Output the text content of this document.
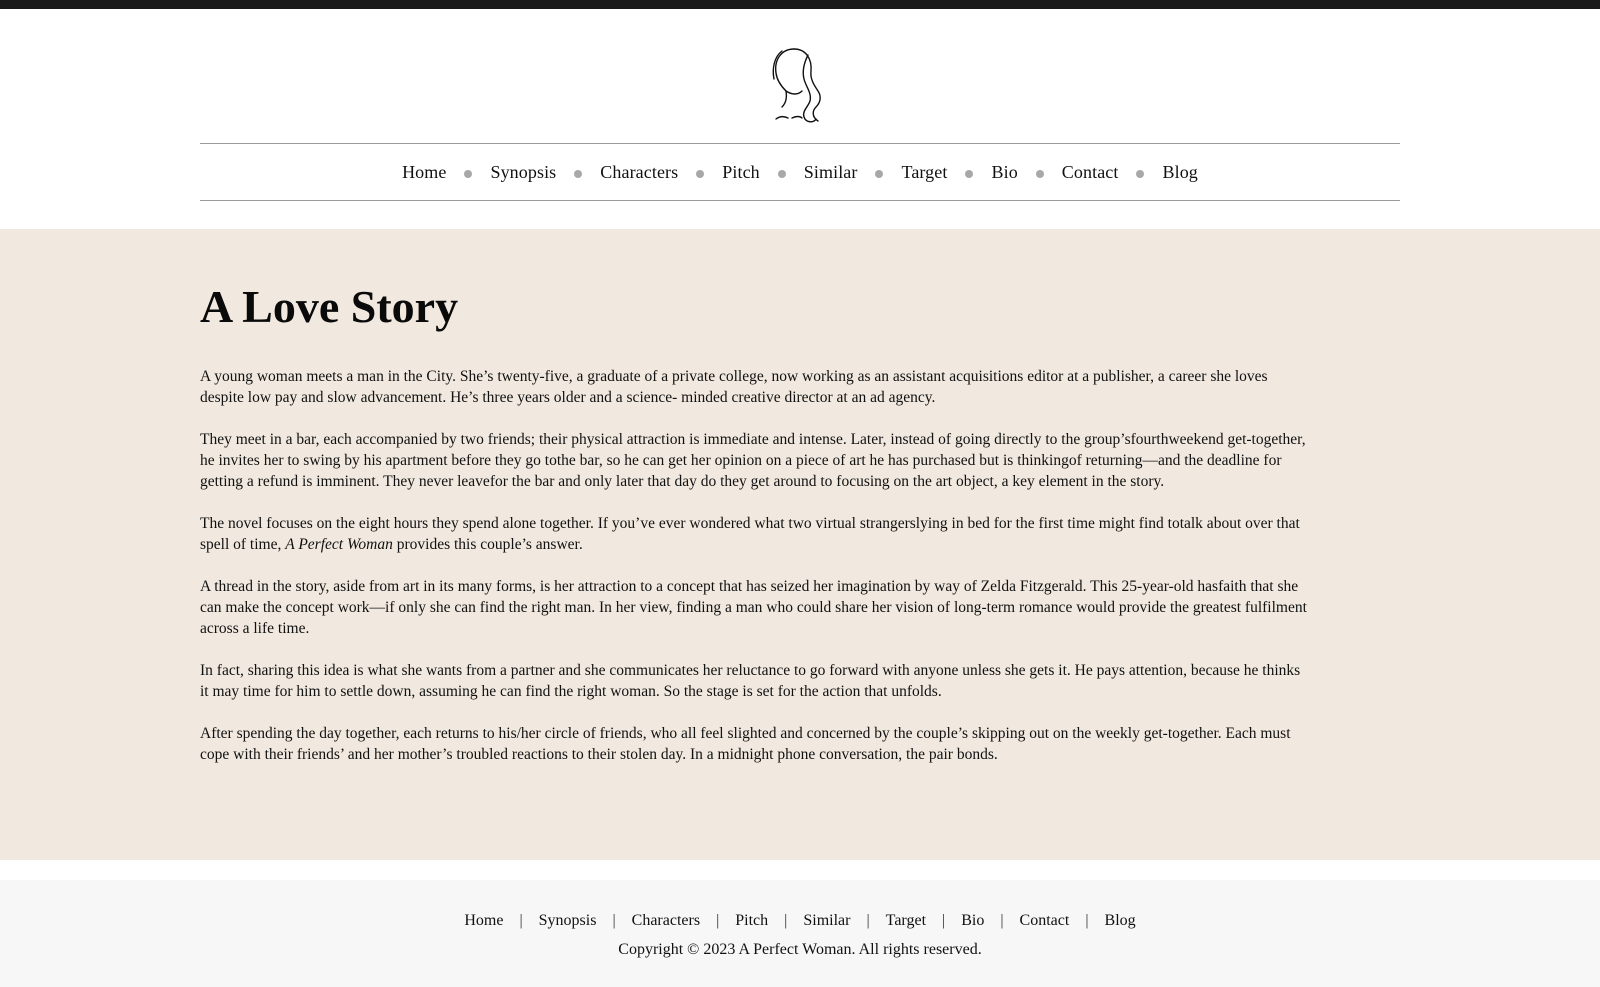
Home Synopsis Characters Pitch Similar Target Bio Contact Blog
A Love Story

A young woman meets a man in the City. She’s twenty-five, a graduate of a private college, now working as an assistant acquisitions editor at a publisher, a career she loves despite low pay and slow advancement. He’s three years older and a science- minded creative director at an ad agency.

They meet in a bar, each accompanied by two friends; their physical attraction is immediate and intense. Later, instead of going directly to the group’sfourthweekend get-together, he invites her to swing by his apartment before they go tothe bar, so he can get her opinion on a piece of art he has purchased but is thinkingof returning—and the deadline for getting a refund is imminent. They never leavefor the bar and only later that day do they get around to focusing on the art object, a key element in the story.

The novel focuses on the eight hours they spend alone together. If you’ve ever wondered what two virtual strangerslying in bed for the first time might find totalk about over that spell of time, A Perfect Woman provides this couple’s answer.

A thread in the story, aside from art in its many forms, is her attraction to a concept that has seized her imagination by way of Zelda Fitzgerald. This 25-year-old hasfaith that she can make the concept work—if only she can find the right man. In her view, finding a man who could share her vision of long-term romance would provide the greatest fulfilment across a life time.

In fact, sharing this idea is what she wants from a partner and she communicates her reluctance to go forward with anyone unless she gets it. He pays attention, because he thinks it may time for him to settle down, assuming he can find the right woman. So the stage is set for the action that unfolds.

After spending the day together, each returns to his/her circle of friends, who all feel slighted and concerned by the couple’s skipping out on the weekly get-together. Each must cope with their friends’ and her mother’s troubled reactions to their stolen day. In a midnight phone conversation, the pair bonds.

Home | Synopsis | Characters | Pitch | Similar | Target | Bio | Contact | Blog
Copyright © 2023 A Perfect Woman. All rights reserved.
